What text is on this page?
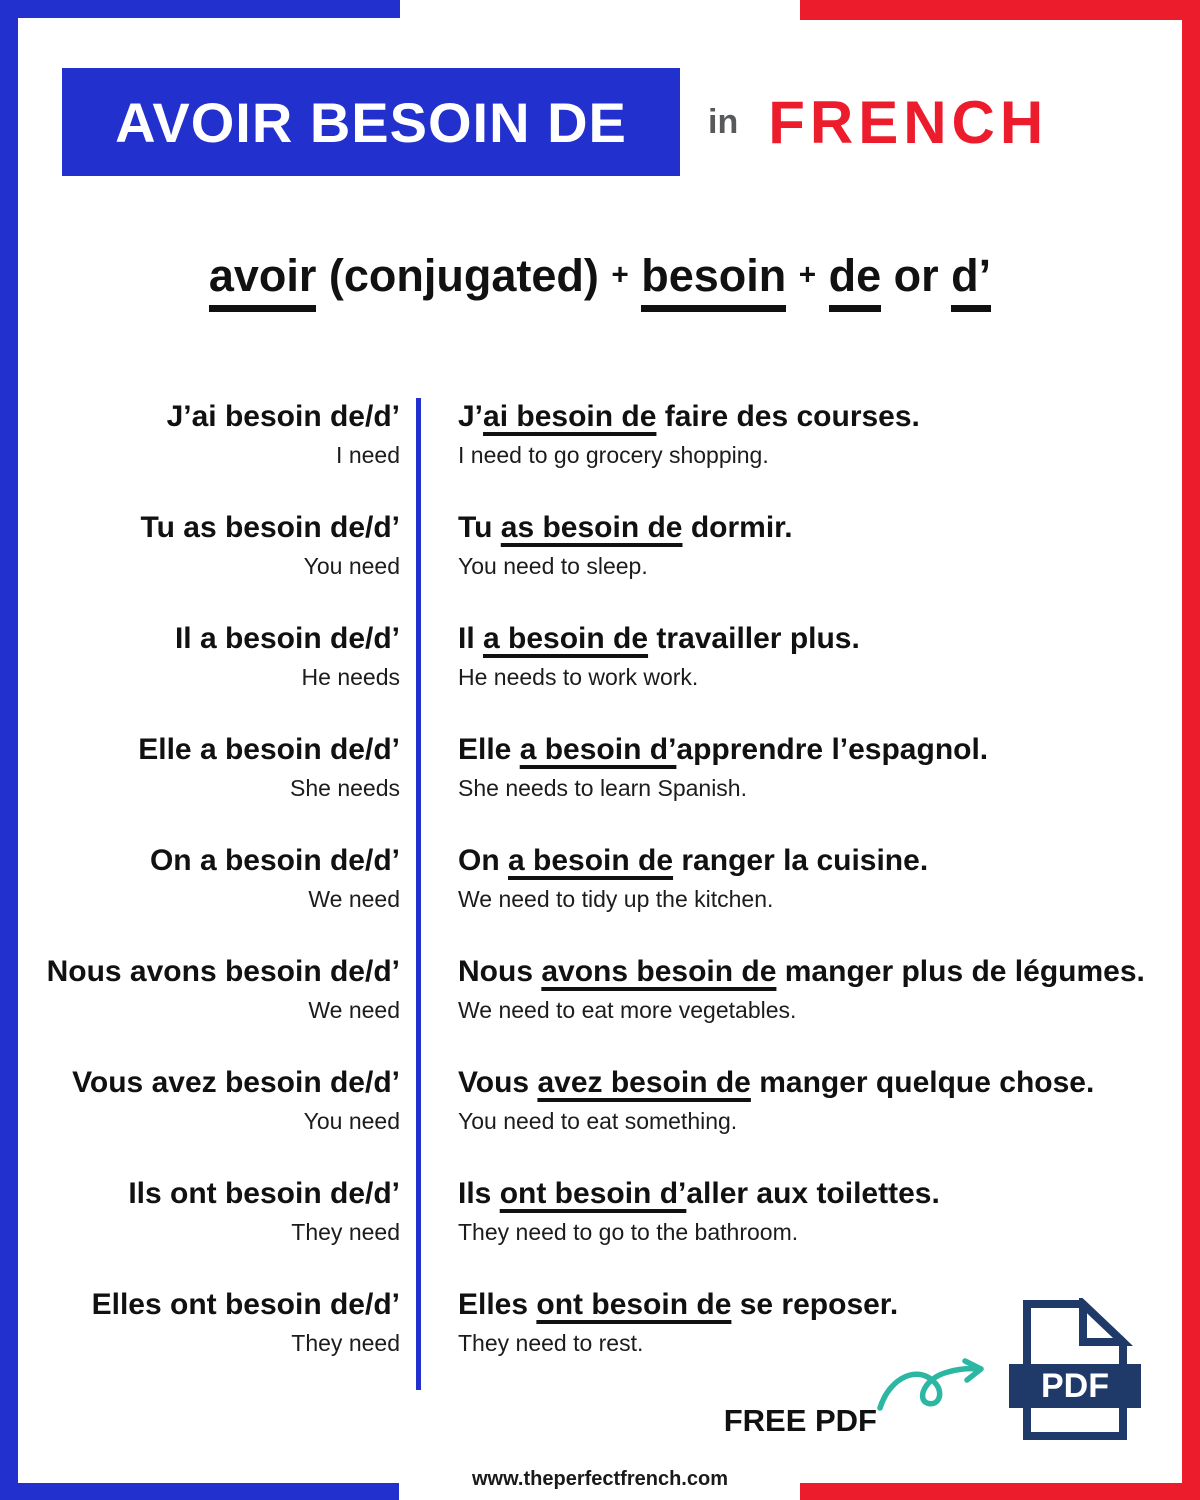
AVOIR BESOIN DE in FRENCH
avoir (conjugated) + besoin + de or d’
J’ai besoin de/d’
I need
J’ai besoin de faire des courses.
I need to go grocery shopping.
Tu as besoin de/d’
You need
Tu as besoin de dormir.
You need to sleep.
Il a besoin de/d’
He needs
Il a besoin de travailler plus.
He needs to work work.
Elle a besoin de/d’
She needs
Elle a besoin d’apprendre l’espagnol.
She needs to learn Spanish.
On a besoin de/d’
We need
On a besoin de ranger la cuisine.
We need to tidy up the kitchen.
Nous avons besoin de/d’
We need
Nous avons besoin de manger plus de légumes.
We need to eat more vegetables.
Vous avez besoin de/d’
You need
Vous avez besoin de manger quelque chose.
You need to eat something.
Ils ont besoin de/d’
They need
Ils ont besoin d’aller aux toilettes.
They need to go to the bathroom.
Elles ont besoin de/d’
They need
Elles ont besoin de se reposer.
They need to rest.
FREE PDF
PDF
www.theperfectfrench.com
